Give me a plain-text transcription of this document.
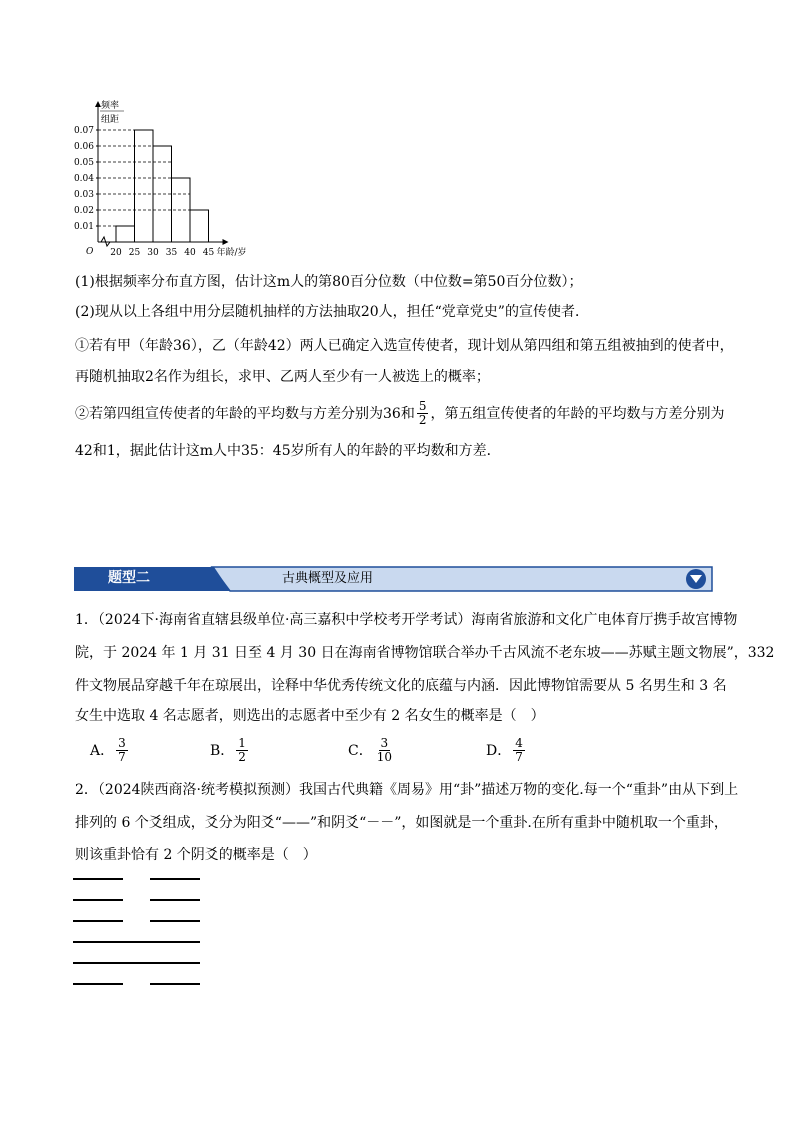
0.01
0.02
0.03
0.04
0.05
0.06
0.07
20 25 30 35 40 45
O	年龄/岁
频率
组距
(1)根据频率分布直方图，估计这m人的第80百分位数（中位数=第50百分位数）；
(2)现从以上各组中用分层随机抽样的方法抽取20人，担任“党章党史”的宣传使者．
①若有甲（年龄36），乙（年龄42）两人已确定入选宣传使者，现计划从第四组和第五组被抽到的使者中，
再随机抽取2名作为组长，求甲、乙两人至少有一人被选上的概率；
②若第四组宣传使者的年龄的平均数与方差分别为36和 $\frac{5}{2}$ ，第五组宣传使者的年龄的平均数与方差分别为
42和1，据此估计这m人中35：45岁所有人的年龄的平均数和方差．
题型二	古典概型及应用
1．（2024下·海南省直辖县级单位·高三嘉积中学校考开学考试）海南省旅游和文化广电体育厅携手故宫博物
院，于 2024 年 1 月 31 日至 4 月 30 日在海南省博物馆联合举办千古风流不老东坡——苏赋主题文物展”，332
件文物展品穿越千年在琼展出，诠释中华优秀传统文化的底蕴与内涵．因此博物馆需要从 5 名男生和 3 名
女生中选取 4 名志愿者，则选出的志愿者中至少有 2 名女生的概率是（　）
A． $\frac{3}{7}$	B． $\frac{1}{2}$	C． $\frac{3}{10}$	D． $\frac{4}{7}$
2．（2024陕西商洛·统考模拟预测）我国古代典籍《周易》用“卦”描述万物的变化.每一个“重卦”由从下到上
排列的 6 个爻组成，爻分为阳爻“——”和阴爻“－－”，如图就是一个重卦.在所有重卦中随机取一个重卦，
则该重卦恰有 2 个阴爻的概率是（　）
